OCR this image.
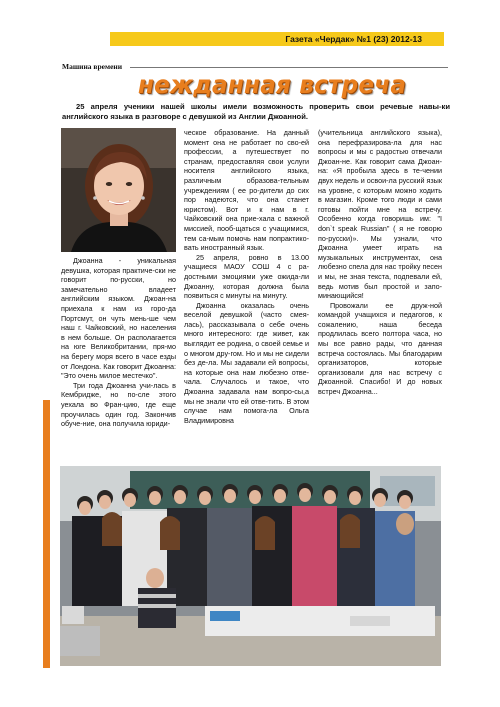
Газета «Чердак» №1 (23) 2012-13
Машина времени
нежданная встреча

25 апреля ученики нашей школы имели возможность проверить свои речевые навы-ки английского языка в разговоре с девушкой из Англии Джоанной.

Джоанна - уникальная девушка, которая практиче-ски не говорит по-русски, но замечательно владеет английским языком. Джоан-на приехала к нам из горо-да Портсмут, он чуть мень-ше чем наш г. Чайковский, но населения в нем больше. Он располагается на юге Великобритании, пря-мо на берегу моря всего в часе езды от Лондона. Как говорит Джоанна: "Это очень милое местечко".

Три года Джоанна учи-лась в Кембридже, но по-сле этого уехала во Фран-цию, где еще проучилась один год. Закончив обуче-ние, она получила юриди-

ческое образование. На данный момент она не работает по сво-ей профессии, а путешествует по странам, предоставляя свои услуги носителя английского языка, различным образова-тельным учреждениям ( ее ро-дители до сих пор надеются, что она станет юристом). Вот и к нам в г. Чайковский она прие-хала с важной миссией, пооб-щаться с учащимися, тем са-мым помочь нам попрактико-вать иностранный язык.

25 апреля, ровно в 13.00 учащиеся МАОУ СОШ 4 с ра-достными эмоциями уже ожида-ли Джоанну, которая должна была появиться с минуты на минуту.

Джоанна оказалась очень веселой девушкой (часто смея-лась), рассказывала о себе очень много интересного: где живет, как выглядит ее родина, о своей семье и о многом дру-гом. Но и мы не сидели без де-ла. Мы задавали ей вопросы, на которые она нам любезно отве-чала. Случалось и такое, что Джоанна задавала нам вопро-сы,а мы не знали что ей отве-тить. В этом случае нам помога-ла Ольга Владимировна

(учительница английского языка), она перефразирова-ла для нас вопросы и мы с радостью отвечали Джоан-не. Как говорит сама Джоан-на: «Я пробыла здесь в те-чении двух недель и освои-ла русский язык на уровне, с которым можно ходить в магазин. Кроме того люди и сами готовы пойти мне на встречу. Особенно когда говоришь им: "I don`t speak Russian" ( я не говорю по-русски)». Мы узнали, что Джоанна умеет играть на музыкальных инструментах, она любезно спела для нас тройку песен и мы, не зная текста, подпевали ей, ведь мотив был простой и запо-минающийся!

Провожали ее друж-ной командой учащихся и педагогов, к сожалению, наша беседа продлилась всего полтора часа, но мы все равно рады, что данная встреча состоялась. Мы благодарим организаторов, которые организовали для нас встречу с Джоанной. Спасибо! И до новых встреч Джоанна...
